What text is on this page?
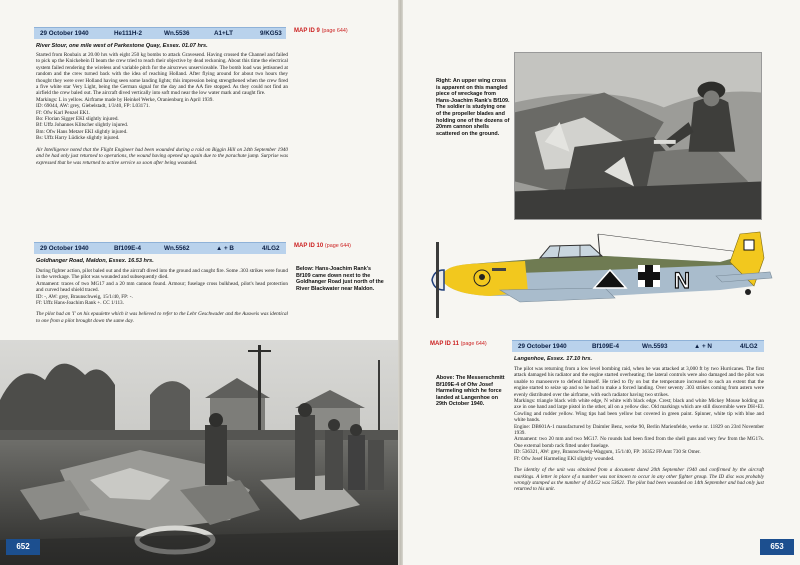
29 October 1940	He111H-2	Wn.5536	A1+LT	9/KG53 MAP ID 9 (page 644)
River Stour, one mile west of Parkestone Quay, Essex. 01.07 hrs.

Started from Roubaix at 20.00 hrs with eight 250 kg bombs to attack Gravesend. Having crossed the Channel and failed to pick up the Knickebein II beam the crew tried to reach their objective by dead reckoning. About this time the electrical system failed rendering the wireless and variable pitch for the airscrews unserviceable. The bomb load was jettisoned at random and the crew turned back with the idea of reaching Holland. After flying around for about two hours they thought they were over Holland having seen some landing lights; this impression being strengthened when the crew fired a five white star Very Light, being the German signal for the day and the AA fire stopped. As they could not find an airfield the crew baled out. The aircraft dived vertically into soft mud near the low water mark and caught fire.

Markings: L in yellow. Airframe made by Heinkel Werke, Oranienburg in April 1939.

ID: 69044, AW: grey, Giebelstadt, 1/3/40, FP: L03171.

Ff: Ofw Karl Penzel EK1.

Bo: Florian Sigger EKI slightly injured.

Bf: Uffz Johannes Klitscher slightly injured.

Bm: Ofw Hans Metzer EKI slightly injured.

Bs: Uffz Harry Lüdicke slightly injured.

Air Intelligence noted that the Flight Engineer had been wounded during a raid on Biggin Hill on 24th September 1940 and he had only just returned to operations, the wound having opened up again due to the parachute jump. Surprise was expressed that he was returned to active service so soon after being wounded.

29 October 1940	Bf109E-4	Wn.5562	▲ + B	4/LG2 MAP ID 10 (page 644)
Goldhanger Road, Maldon, Essex. 16.53 hrs.

During fighter action, pilot baled out and the aircraft dived into the ground and caught fire. Some .303 strikes were found in the wreckage. The pilot was wounded and subsequently died.

Armament: traces of two MG17 and a 20 mm cannon found. Armour; fuselage cross bulkhead, pilot's head protection and curved head shield traced.

ID: -, AW: grey, Braunschweig, 15/1/40, FP: -.

Ff: Uffz Hans-Joachim Rank +. CC 1/113.

The pilot had an 'I' on his epaulette which it was believed to refer to the Lehr Geschwader and the Ausweis was identical to one from a pilot brought down the same day.

Below: Hans-Joachim Rank's Bf109 came down next to the Goldhanger Road just north of the River Blackwater near Maldon.
652
Right: An upper wing cross is apparent on this mangled piece of wreckage from Hans-Joachim Rank's Bf109. The soldier is studying one of the propeller blades and holding one of the dozens of 20mm cannon shells scattered on the ground.
N
MAP ID 11 (page 644)	29 October 1940	Bf109E-4	Wn.5593	▲ + N	4/LG2
Langenhoe, Essex. 17.10 hrs.

The pilot was returning from a low level bombing raid, when he was attacked at 3,000 ft by two Hurricanes. The first attack damaged his radiator and the engine started overheating; the lateral controls were also damaged and the pilot was unable to manoeuvre to defend himself. He tried to fly on but the temperature increased to such an extent that the engine started to seize up and so he had to make a forced landing. Over seventy .303 strikes coming from astern were evenly distributed over the airframe, with each radiator having two strikes.

Markings: triangle black with white edge, N white with black edge. Crest; black and white Mickey Mouse holding an axe in one hand and large pistol in the other, all on a yellow disc. Old markings which are still discernible were DH+EI. Cowling and rudder yellow. Wing tips had been yellow but covered in green paint. Spinner, white tip with blue and white bands.

Engine: DB601A-1 manufactured by Daimler Benz, werke 90, Berlin Marienfelde, werke nr. 11829 on 23rd November 1939.

Armament: two 20 mm and two MG17. No rounds had been fired from the shell guns and very few from the MG17s. One external bomb rack fitted under fuselage.

ID: 536321, AW: grey, Braunschweig-Waggum, 15/1/40, FP: 36352 FP.Amt 730 St Omer.

Ff: Ofw Josef Harmeling EKI slightly wounded.

The identity of the unit was obtained from a document dated 20th September 1940 and confirmed by the aircraft markings. A letter in place of a number was not known to occur in any other fighter group. The ID disc was probably wrongly stamped as the number of 4/LG2 was 53621. The pilot had been wounded on 14th September and had only just returned to his unit.

Above: The Messerschmitt Bf109E-4 of Ofw Josef Harmeling which he force landed at Langenhoe on 29th October 1940.
653
